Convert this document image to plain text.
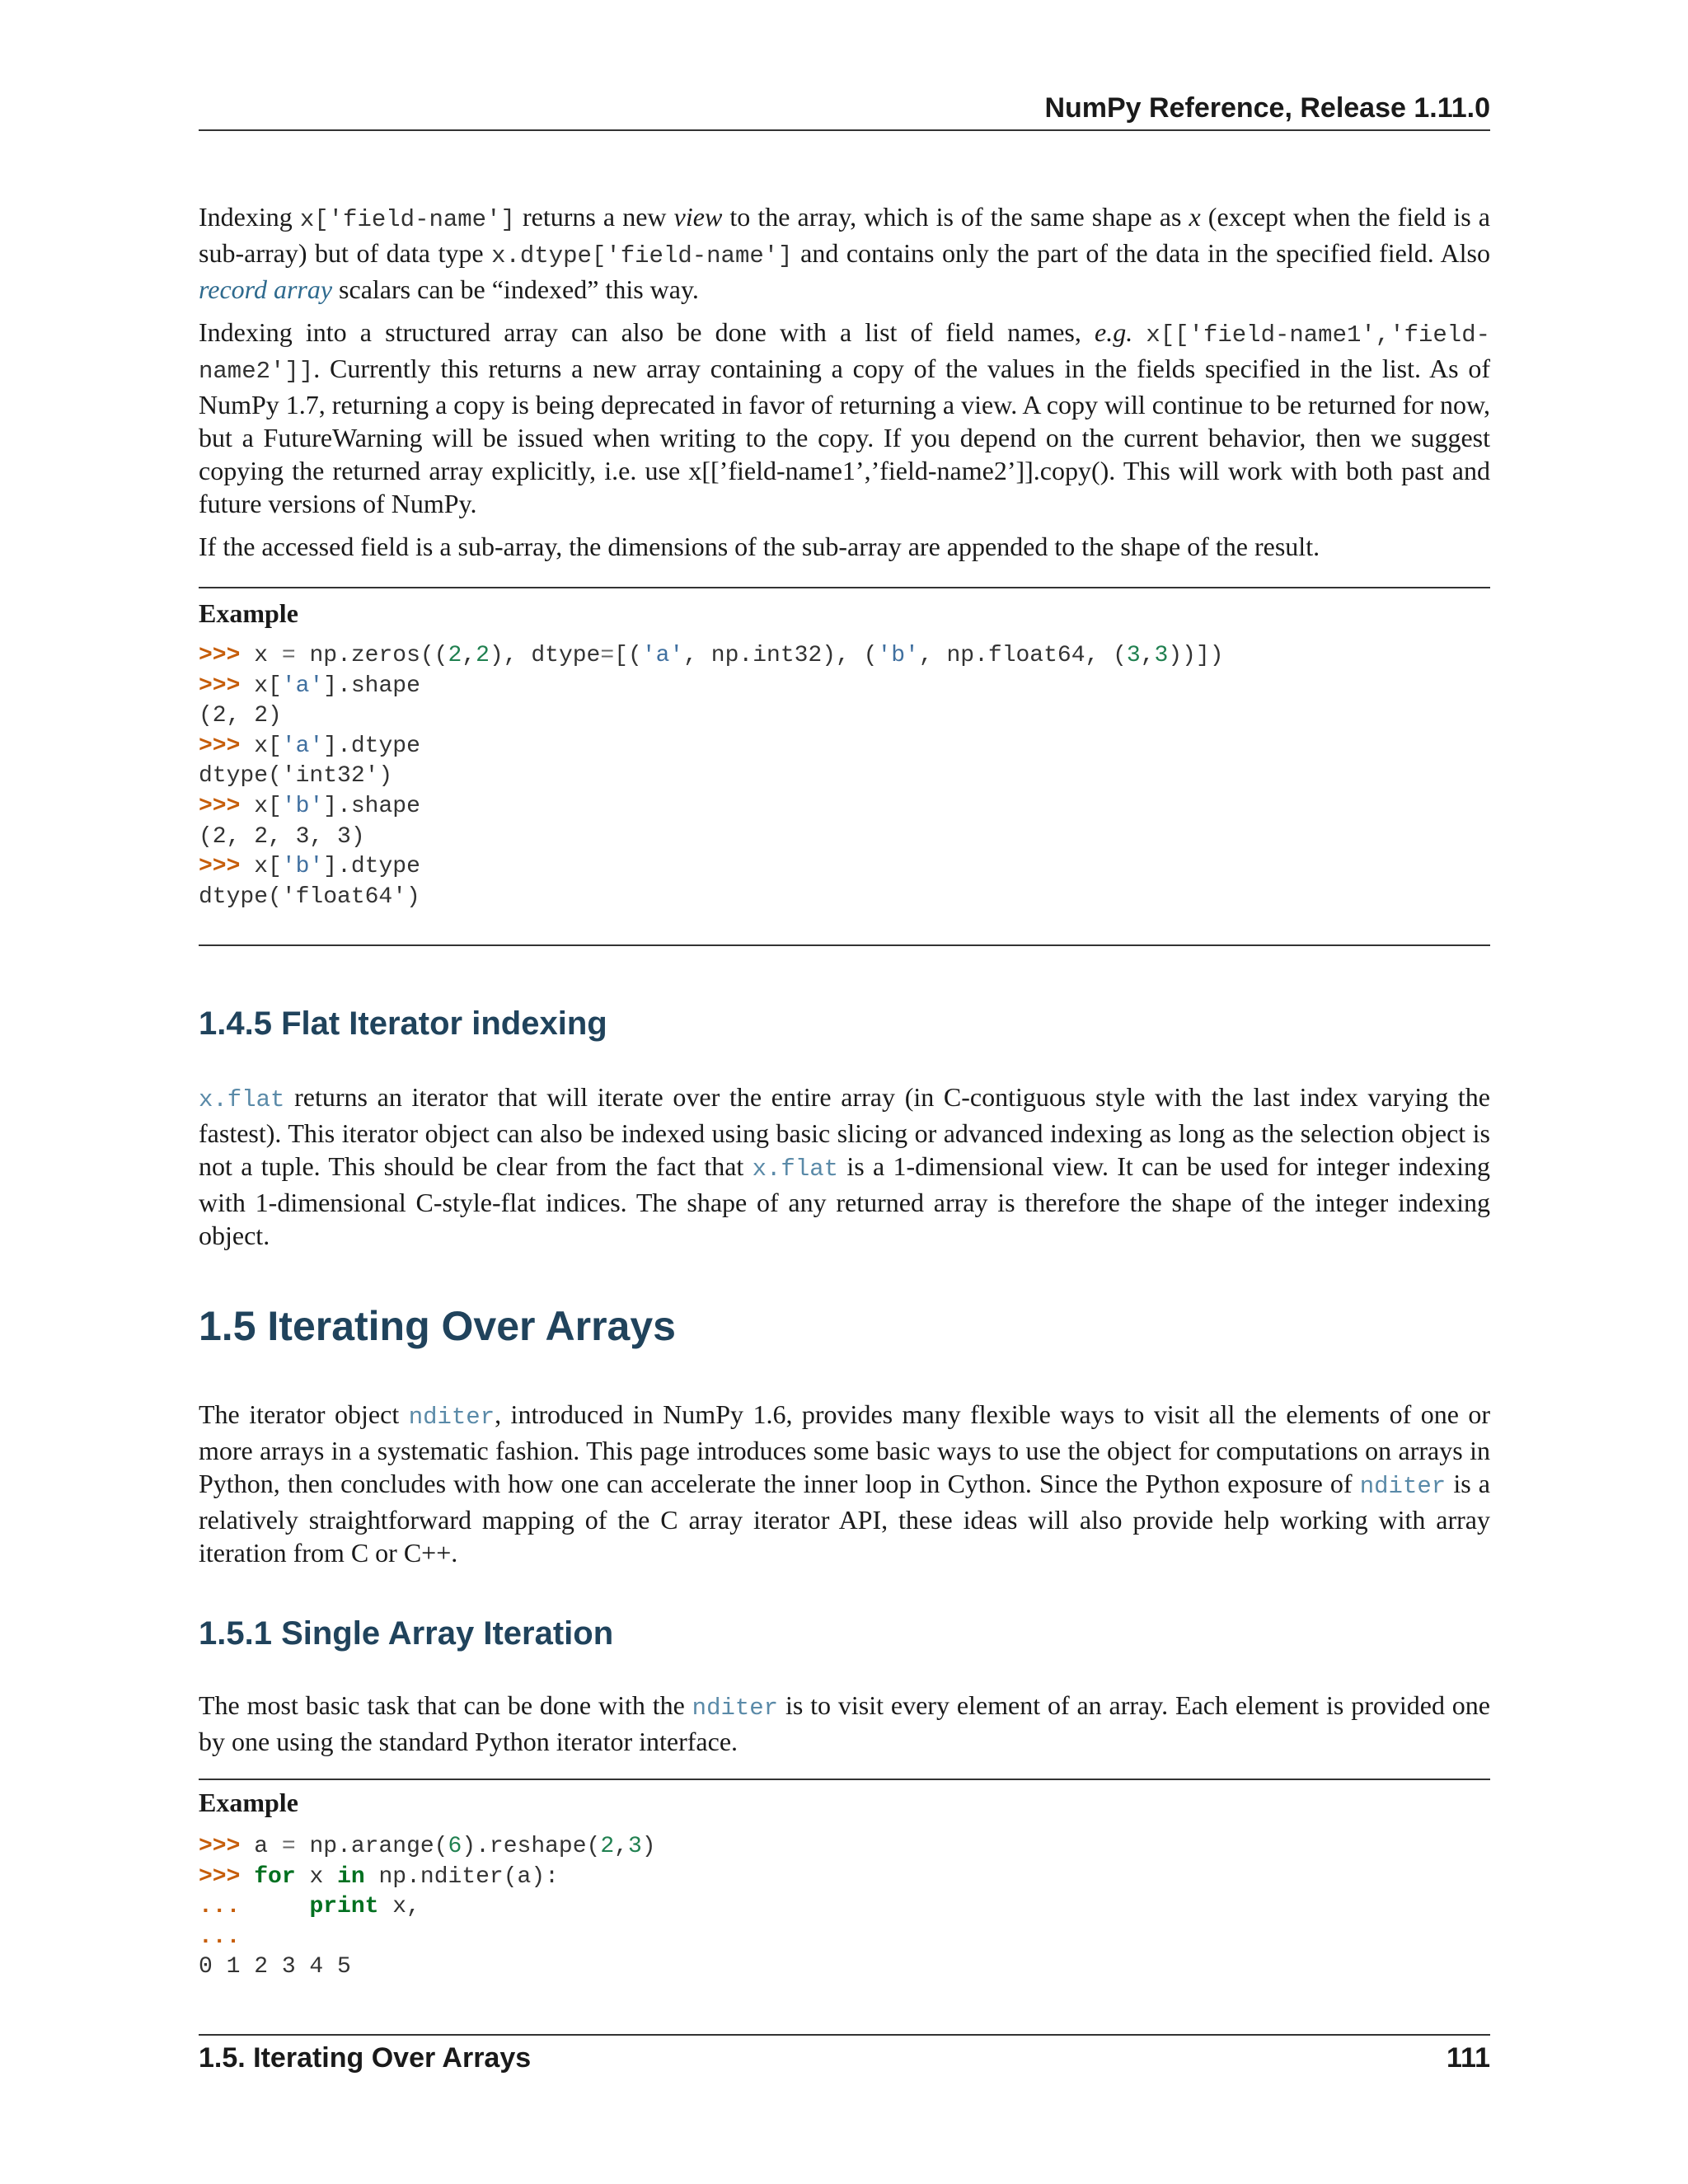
NumPy Reference, Release 1.11.0
Indexing x['field-name'] returns a new view to the array, which is of the same shape as x (except when the field is a sub-array) but of data type x.dtype['field-name'] and contains only the part of the data in the specified field. Also record array scalars can be “indexed” this way.
Indexing into a structured array can also be done with a list of field names, e.g. x[['field-name1','field-name2']]. Currently this returns a new array containing a copy of the values in the fields specified in the list. As of NumPy 1.7, returning a copy is being deprecated in favor of returning a view. A copy will continue to be returned for now, but a FutureWarning will be issued when writing to the copy. If you depend on the current behavior, then we suggest copying the returned array explicitly, i.e. use x[[’field-name1’,’field-name2’]].copy(). This will work with both past and future versions of NumPy.
If the accessed field is a sub-array, the dimensions of the sub-array are appended to the shape of the result.
Example
>>> x = np.zeros((2,2), dtype=[('a', np.int32), ('b', np.float64, (3,3))])
>>> x['a'].shape
(2, 2)
>>> x['a'].dtype
dtype('int32')
>>> x['b'].shape
(2, 2, 3, 3)
>>> x['b'].dtype
dtype('float64')
1.4.5 Flat Iterator indexing
x.flat returns an iterator that will iterate over the entire array (in C-contiguous style with the last index varying the fastest). This iterator object can also be indexed using basic slicing or advanced indexing as long as the selection object is not a tuple. This should be clear from the fact that x.flat is a 1-dimensional view. It can be used for integer indexing with 1-dimensional C-style-flat indices. The shape of any returned array is therefore the shape of the integer indexing object.
1.5 Iterating Over Arrays
The iterator object nditer, introduced in NumPy 1.6, provides many flexible ways to visit all the elements of one or more arrays in a systematic fashion. This page introduces some basic ways to use the object for computations on arrays in Python, then concludes with how one can accelerate the inner loop in Cython. Since the Python exposure of nditer is a relatively straightforward mapping of the C array iterator API, these ideas will also provide help working with array iteration from C or C++.
1.5.1 Single Array Iteration
The most basic task that can be done with the nditer is to visit every element of an array. Each element is provided one by one using the standard Python iterator interface.
Example
>>> a = np.arange(6).reshape(2,3)
>>> for x in np.nditer(a):
...	print x,
...
0 1 2 3 4 5
1.5. Iterating Over Arrays	111
